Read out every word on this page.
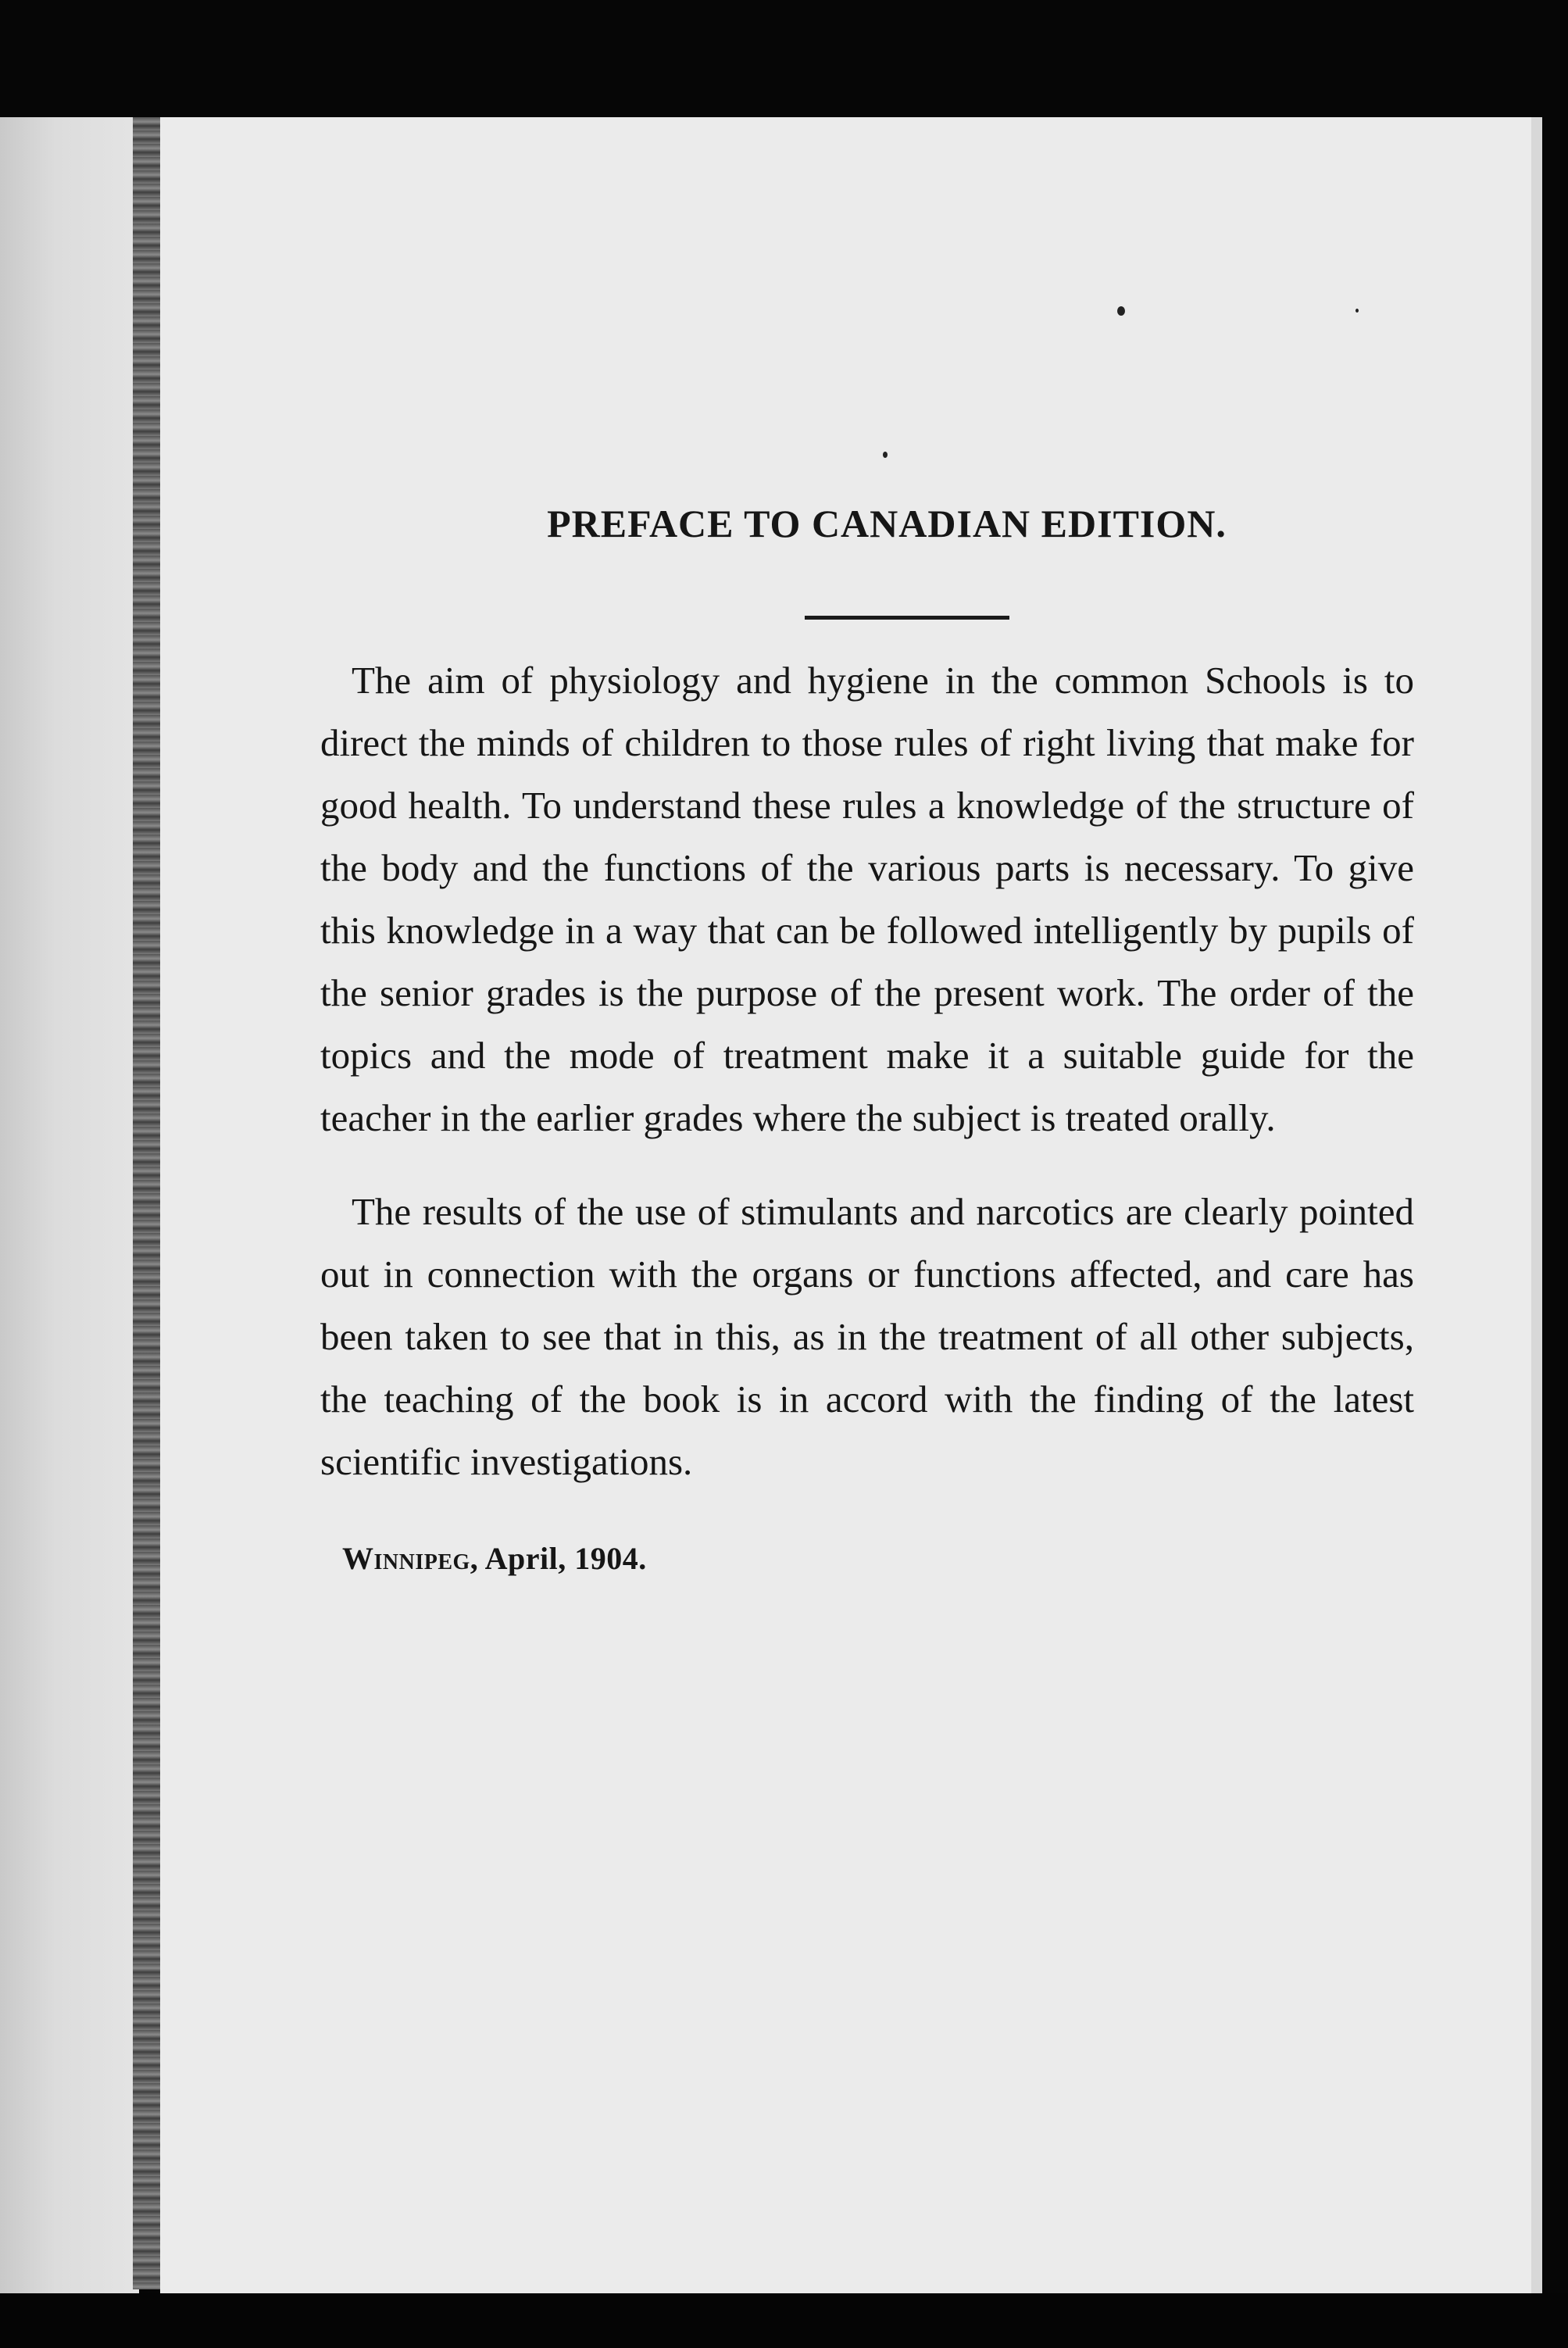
PREFACE TO CANADIAN EDITION.

The aim of physiology and hygiene in the common Schools is to direct the minds of children to those rules of right living that make for good health. To understand these rules a knowledge of the structure of the body and the functions of the various parts is necessary. To give this knowledge in a way that can be followed intelligently by pupils of the senior grades is the purpose of the present work. The order of the topics and the mode of treatment make it a suitable guide for the teacher in the earlier grades where the subject is treated orally.

The results of the use of stimulants and narcotics are clearly pointed out in connection with the organs or functions affected, and care has been taken to see that in this, as in the treatment of all other subjects, the teaching of the book is in accord with the finding of the latest scientific investigations.

Winnipeg, April, 1904.
